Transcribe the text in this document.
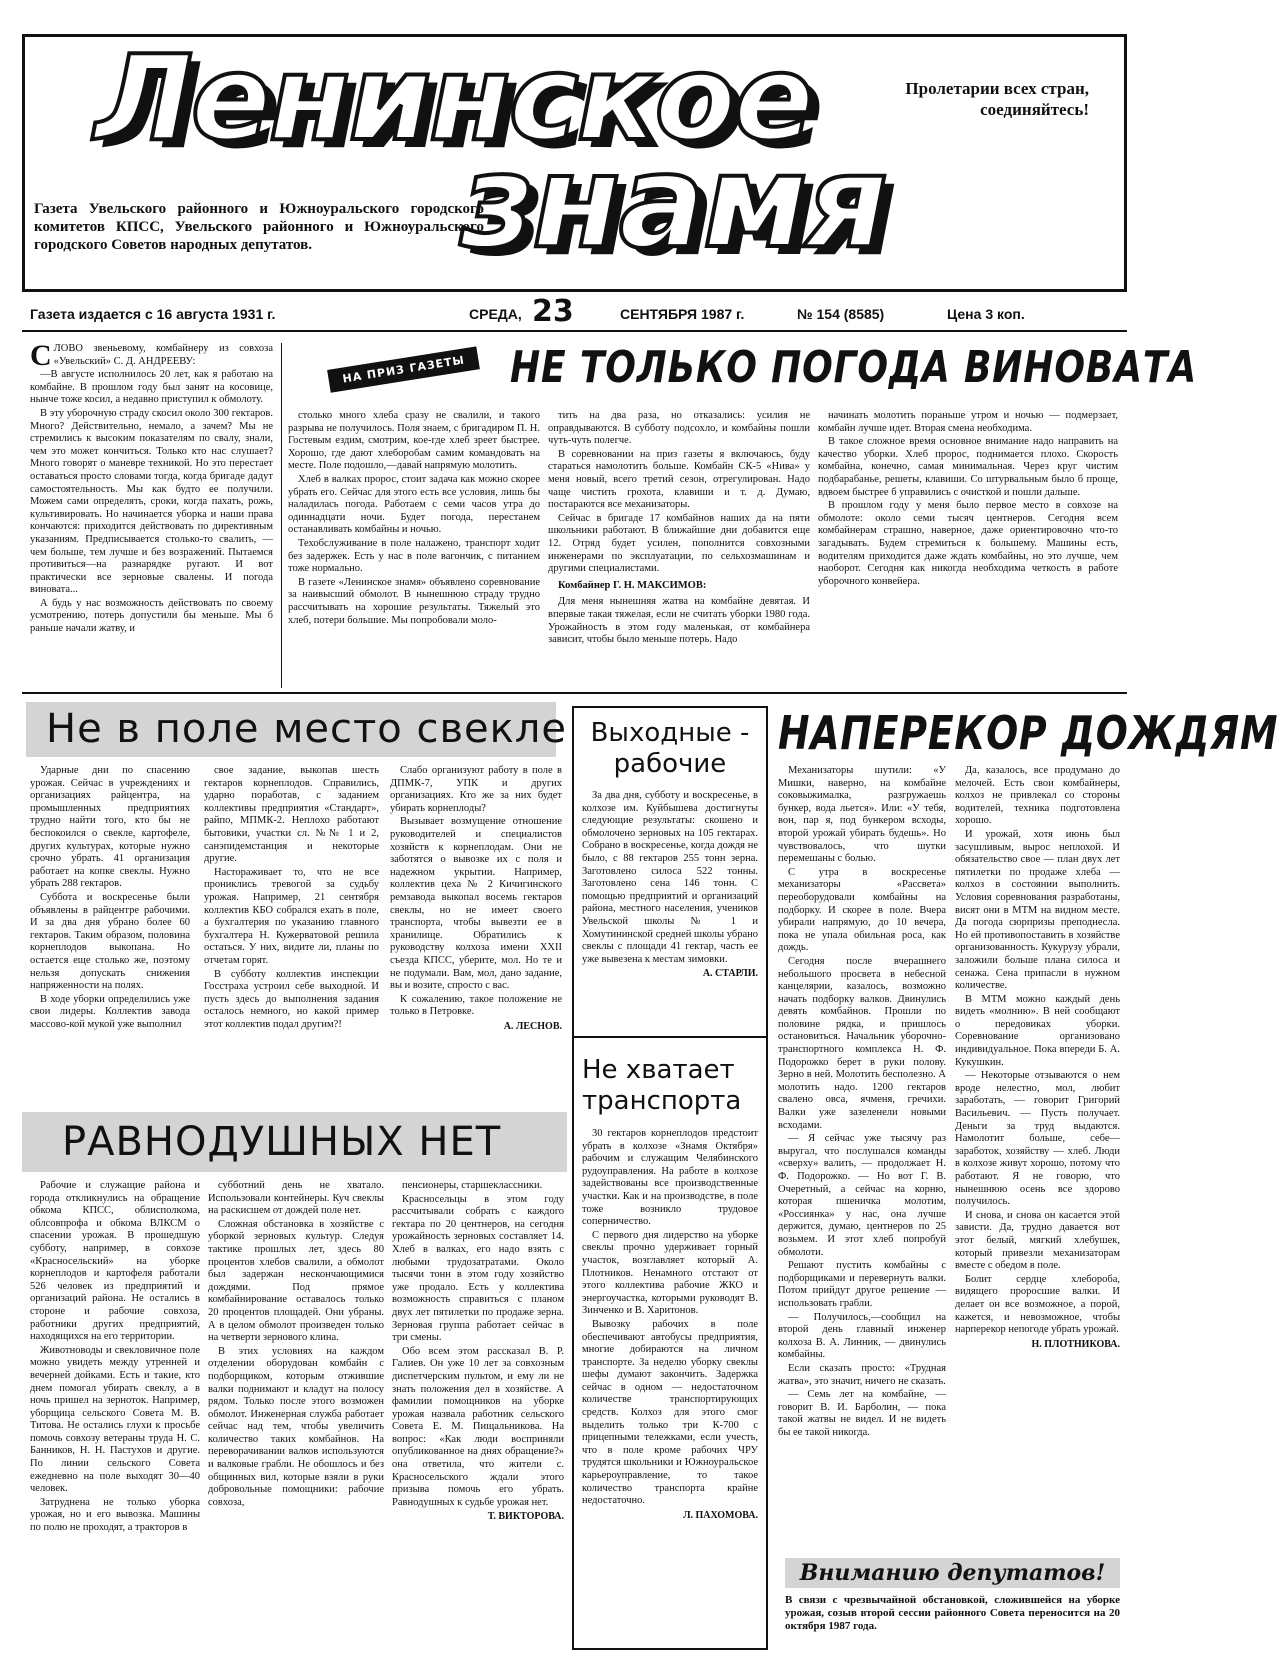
Ленинское
знамя
Пролетарии всех стран, соединяйтесь!
Газета Увельского районного и Южноуральского городского комитетов КПСС, Увельского районного и Южноуральского городского Советов народных депутатов.
Газета издается с 16 августа 1931 г.	СРЕДА, 23	СЕНТЯБРЯ 1987 г.	№ 154 (8585)	Цена 3 коп.
НА ПРИЗ ГАЗЕТЫ	НЕ ТОЛЬКО ПОГОДА ВИНОВАТА

СЛОВО звеньевому, комбайнеру из совхоза «Увельский» С. Д. АНДРЕЕВУ:

—В августе исполнилось 20 лет, как я работаю на комбайне. В прошлом году был занят на косовице, нынче тоже косил, а недавно приступил к обмолоту.

В эту уборочную страду скосил около 300 гектаров. Много? Действительно, немало, а зачем? Мы не стремились к высоким показателям по свалу, знали, чем это может кончиться. Только кто нас слушает? Много говорят о маневре техникой. Но это перестает оставаться просто словами тогда, когда бригаде дадут самостоятельность. Мы как будто ее получили. Можем сами определять, сроки, когда пахать, рожь, культивировать. Но начинается уборка и наши права кончаются: приходится действовать по директивным указаниям. Предписывается столько-то свалить, — чем больше, тем лучше и без возражений. Пытаемся противиться—на разнарядке ругают. И вот практически все зерновые свалены. И погода виновата...

А будь у нас возможность действовать по своему усмотрению, потерь допустили бы меньше. Мы б раньше начали жатву, и

столько много хлеба сразу не свалили, и такого разрыва не получилось. Поля знаем, с бригадиром П. Н. Гостевым ездим, смотрим, кое-где хлеб зреет быстрее. Хорошо, где дают хлеборобам самим командовать на месте. Поле подошло,—давай напрямую молотить.

Хлеб в валках пророс, стоит задача как можно скорее убрать его. Сейчас для этого есть все условия, лишь бы наладилась погода. Работаем с семи часов утра до одиннадцати ночи. Будет погода, перестанем останавливать комбайны и ночью.

Техобслуживание в поле налажено, транспорт ходит без задержек. Есть у нас в поле вагончик, с питанием тоже нормально.

В газете «Ленинское знамя» объявлено соревнование за наивысший обмолот. В нынешнюю страду трудно рассчитывать на хорошие результаты. Тяжелый это хлеб, потери большие. Мы попробовали моло-

тить на два раза, но отказались: усилия не оправдываются. В субботу подсохло, и комбайны пошли чуть-чуть полегче.

В соревновании на приз газеты я включаюсь, буду стараться намолотить больше. Комбайн СК-5 «Нива» у меня новый, всего третий сезон, отрегулирован. Надо чаще чистить грохота, клавиши и т. д. Думаю, постараются все механизаторы.

Сейчас в бригаде 17 комбайнов наших да на пяти школьники работают. В ближайшие дни добавится еще 12. Отряд будет усилен, пополнится совхозными инженерами по эксплуатации, по сельхозмашинам и другими специалистами.

Комбайнер Г. Н. МАКСИМОВ:

Для меня нынешняя жатва на комбайне девятая. И впервые такая тяжелая, если не считать уборки 1980 года. Урожайность в этом году маленькая, от комбайнера зависит, чтобы было меньше потерь. Надо

начинать молотить пораньше утром и ночью — подмерзает, комбайн лучше идет. Вторая смена необходима.

В такое сложное время основное внимание надо направить на качество уборки. Хлеб пророс, поднимается плохо. Скорость комбайна, конечно, самая минимальная. Через круг чистим подбарабанье, решеты, клавиши. Со штурвальным было б проще, вдвоем быстрее б управились с очисткой и пошли дальше.

В прошлом году у меня было первое место в совхозе на обмолоте: около семи тысяч центнеров. Сегодня всем комбайнерам страшно, наверное, даже ориентировочно что-то загадывать. Будем стремиться к большему. Машины есть, водителям приходится даже ждать комбайны, но это лучше, чем наоборот. Сегодня как никогда необходима четкость в работе уборочного конвейера.

Не в поле место свекле

Ударные дни по спасению урожая. Сейчас в учреждениях и организациях райцентра, на промышленных предприятиях трудно найти того, кто бы не беспокоился о свекле, картофеле, других культурах, которые нужно срочно убрать. 41 организация работает на копке свеклы. Нужно убрать 288 гектаров.

Суббота и воскресенье были объявлены в райцентре рабочими. И за два дня убрано более 60 гектаров. Таким образом, половина корнеплодов выкопана. Но остается еще столько же, поэтому нельзя допускать снижения напряженности на полях.

В ходе уборки определились уже свои лидеры. Коллектив завода массово-кой мукой уже выполнил

свое задание, выкопав шесть гектаров корнеплодов. Справились, ударно поработав, с заданием коллективы предприятия «Стандарт», райпо, МПМК-2. Неплохо работают бытовики, участки сл. №№ 1 и 2, санэпидемстанция и некоторые другие.

Настораживает то, что не все прониклись тревогой за судьбу урожая. Например, 21 сентября коллектив КБО собрался ехать в поле, а бухгалтерия по указанию главного бухгалтера Н. Кужерватовой решила остаться. У них, видите ли, планы по отчетам горят.

В субботу коллектив инспекции Госстраха устроил себе выходной. И пусть здесь до выполнения задания осталось немного, но какой пример этот коллектив подал другим?!

Слабо организуют работу в поле в ДПМК-7, УПК и других организациях. Кто же за них будет убирать корнеплоды?

Вызывает возмущение отношение руководителей и специалистов хозяйств к корнеплодам. Они не заботятся о вывозке их с поля и надежном укрытии. Например, коллектив цеха № 2 Кичигинского ремзавода выкопал восемь гектаров свеклы, но не имеет своего транспорта, чтобы вывезти ее в хранилище. Обратились к руководству колхоза имени XXII съезда КПСС, уберите, мол. Но те и не подумали. Вам, мол, дано задание, вы и возите, спросто с вас.

К сожалению, такое положение не только в Петровке.

А. ЛЕСНОВ.
РАВНОДУШНЫХ НЕТ

Рабочие и служащие района и города откликнулись на обращение обкома КПСС, облисполкома, облсовпрофа и обкома ВЛКСМ о спасении урожая. В прошедшую субботу, например, в совхозе «Красносельский» на уборке корнеплодов и картофеля работали 526 человек из предприятий и организаций района. Не остались в стороне и рабочие совхоза, работники других предприятий, находящихся на его территории.

Животноводы и свекловичное поле можно увидеть между утренней и вечерней дойками. Есть и такие, кто днем помогал убирать свеклу, а в ночь пришел на зерноток. Например, уборщица сельского Совета М. В. Титова. Не остались глухи к просьбе помочь совхозу ветераны труда Н. С. Банников, Н. Н. Пастухов и другие. По линии сельского Совета ежедневно на поле выходят 30—40 человек.

Затруднена не только уборка урожая, но и его вывозка. Машины по полю не проходят, а тракторов в

субботний день не хватало. Использовали контейнеры. Куч свеклы на раскисшем от дождей поле нет.

Сложная обстановка в хозяйстве с уборкой зерновых культур. Следуя тактике прошлых лет, здесь 80 процентов хлебов свалили, а обмолот был задержан нескончающимися дождями. Под прямое комбайнирование оставалось только 20 процентов площадей. Они убраны. А в целом обмолот произведен только на четверти зернового клина.

В этих условиях на каждом отделении оборудован комбайн с подборщиком, которым отжившие валки поднимают и кладут на полосу рядом. Только после этого возможен обмолот. Инженерная служба работает сейчас над тем, чтобы увеличить количество таких комбайнов. На переворачивании валков используются и валковые грабли. Не обошлось и без общинных вил, которые взяли в руки добровольные помощники: рабочие совхоза,

пенсионеры, старшеклассники.

Красносельцы в этом году рассчитывали собрать с каждого гектара по 20 центнеров, на сегодня урожайность зерновых составляет 14. Хлеб в валках, его надо взять с любыми трудозатратами. Около тысячи тонн в этом году хозяйство уже продало. Есть у коллектива возможность справиться с планом двух лет пятилетки по продаже зерна. Зерновая группа работает сейчас в три смены.

Обо всем этом рассказал В. Р. Галиев. Он уже 10 лет за совхозным диспетчерским пультом, и ему ли не знать положения дел в хозяйстве. А фамилии помощников на уборке урожая назвала работник сельского Совета Е. М. Пищальникова. На вопрос: «Как люди восприняли опубликованное на днях обращение?» она ответила, что жители с. Красносельского ждали этого призыва помочь его убрать. Равнодушных к судьбе урожая нет.

Т. ВИКТОРОВА.
Выходные - рабочие

За два дня, субботу и воскресенье, в колхозе им. Куйбышева достигнуты следующие результаты: скошено и обмолочено зерновых на 105 гектарах. Собрано в воскресенье, когда дождя не было, с 88 гектаров 255 тонн зерна. Заготовлено силоса 522 тонны. Заготовлено сена 146 тонн. С помощью предприятий и организаций района, местного населения, учеников Увельской школы № 1 и Хомутининской средней школы убрано свеклы с площади 41 гектар, часть ее уже вывезена к местам зимовки.

А. СТАРЛИ.
Не хватает транспорта

30 гектаров корнеплодов предстоит убрать в колхозе «Знамя Октября» рабочим и служащим Челябинского рудоуправления. На работе в колхозе задействованы все производственные участки. Как и на производстве, в поле тоже возникло трудовое соперничество.

С первого дня лидерство на уборке свеклы прочно удерживает горный участок, возглавляет который А. Плотников. Ненамного отстают от этого коллектива рабочие ЖКО и энергоучастка, которыми руководят В. Зинченко и В. Харитонов.

Вывозку рабочих в поле обеспечивают автобусы предприятия, многие добираются на личном транспорте. За неделю уборку свеклы шефы думают закончить. Задержка сейчас в одном — недостаточном количестве транспортирующих средств. Колхоз для этого смог выделить только три К-700 с прицепными тележками, если учесть, что в поле кроме рабочих ЧРУ трудятся школьники и Южноуральское карьероуправление, то такое количество транспорта крайне недостаточно.

Л. ПАХОМОВА.
НАПЕРЕКОР ДОЖДЯМ

Механизаторы шутили: «У Мишки, наверно, на комбайне соковыжималка, разгружаешь бункер, вода льется». Или: «У тебя, вон, пар я, под бункером всходы, второй урожай убирать будешь». Но чувствовалось, что шутки перемешаны с болью.

С утра в воскресенье механизаторы «Рассвета» переоборудовали комбайны на подборку. И скорее в поле. Вчера убирали напрямую, до 10 вечера, пока не упала обильная роса, как дождь.

Сегодня после вчерашнего небольшого просвета в небесной канцелярии, казалось, возможно начать подборку валков. Двинулись девять комбайнов. Прошли по половине рядка, и пришлось остановиться. Начальник уборочно-транспортного комплекса Н. Ф. Подорожко берет в руки полову. Зерно в ней. Молотить бесполезно. А молотить надо. 1200 гектаров свалено овса, ячменя, гречихи. Валки уже зазеленели новыми всходами.

— Я сейчас уже тысячу раз выругал, что послушался команды «сверху» валить, — продолжает Н. Ф. Подорожко. — Но вот Г. В. Очеретный, а сейчас на корню, которая пшеничка молотим, «Россиянка» у нас, она лучше держится, думаю, центнеров по 25 возьмем. И этот хлеб попробуй обмолоти.

Решают пустить комбайны с подборщиками и перевернуть валки. Потом прийдут другое решение — использовать грабли.

— Получилось,—сообщил на второй день главный инженер колхоза В. А. Линник, — двинулись комбайны.

Если сказать просто: «Трудная жатва», это значит, ничего не сказать.

— Семь лет на комбайне, — говорит В. И. Барболин, — пока такой жатвы не видел. И не видеть бы ее такой никогда.

Да, казалось, все продумано до мелочей. Есть свои комбайнеры, колхоз не привлекал со стороны водителей, техника подготовлена хорошо.

И урожай, хотя июнь был засушливым, вырос неплохой. И обязательство свое — план двух лет пятилетки по продаже хлеба — колхоз в состоянии выполнить. Условия соревнования разработаны, висят они в МТМ на видном месте. Да погода сюрпризы преподнесла. Но ей противопоставить в хозяйстве организованность. Кукурузу убрали, заложили больше плана силоса и сенажа. Сена припасли в нужном количестве.

В МТМ можно каждый день видеть «молнию». В ней сообщают о передовиках уборки. Соревнование организовано индивидуальное. Пока впереди Б. А. Кукушкин.

— Некоторые отзываются о нем вроде нелестно, мол, любит заработать, — говорит Григорий Васильевич. — Пусть получает. Деньги за труд выдаются. Намолотит больше, себе—заработок, хозяйству — хлеб. Люди в колхозе живут хорошо, потому что работают. Я не говорю, что нынешнюю осень все здорово получилось.

И снова, и снова он касается этой зависти. Да, трудно давается вот этот белый, мягкий хлебушек, который привезли механизаторам вместе с обедом в поле.

Болит сердце хлебороба, видящего проросшие валки. И делает он все возможное, а порой, кажется, и невозможное, чтобы нарперекор непогоде убрать урожай.

Н. ПЛОТНИКОВА.
Вниманию депутатов!
В связи с чрезвычайной обстановкой, сложившейся на уборке урожая, созыв второй сессии районного Совета переносится на 20 октября 1987 года.
